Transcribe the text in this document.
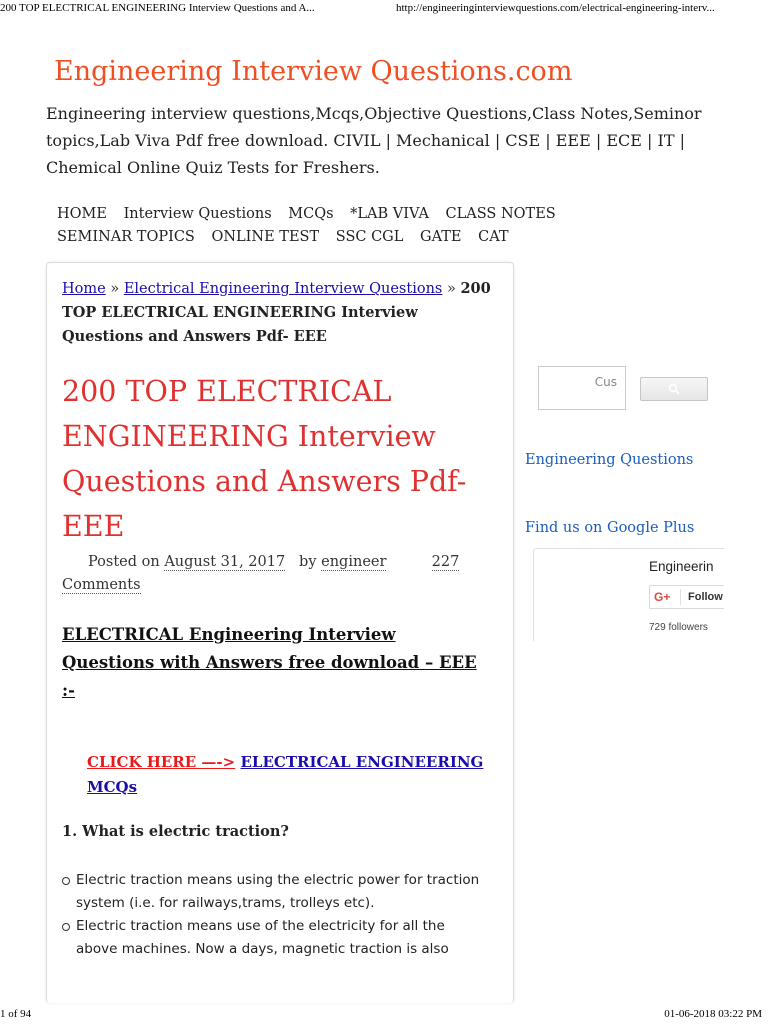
200 TOP ELECTRICAL ENGINEERING Interview Questions and A...	http://engineeringinterviewquestions.com/electrical-engineering-interv...
Engineering Interview Questions.com

Engineering interview questions,Mcqs,Objective Questions,Class Notes,Seminor topics,Lab Viva Pdf free download. CIVIL | Mechanical | CSE | EEE | ECE | IT | Chemical Online Quiz Tests for Freshers.

HOME Interview Questions MCQs *LAB VIVA CLASS NOTES SEMINAR TOPICS ONLINE TEST SSC CGL GATE CAT
Home » Electrical Engineering Interview Questions » 200 TOP ELECTRICAL ENGINEERING Interview Questions and Answers Pdf- EEE
200 TOP ELECTRICAL ENGINEERING Interview Questions and Answers Pdf- EEE
Posted on August 31, 2017 by engineer	227 Comments
ELECTRICAL Engineering Interview Questions with Answers free download – EEE :-
CLICK HERE —-> ELECTRICAL ENGINEERING MCQs

1. What is electric traction?

Electric traction means using the electric power for traction system (i.e. for railways,trams, trolleys etc).
Electric traction means use of the electricity for all the above machines. Now a days, magnetic traction is also
Cus
Engineering Questions
Find us on Google Plus
Engineerin
G+ Follow
729 followers
1 of 94	01-06-2018 03:22 PM
